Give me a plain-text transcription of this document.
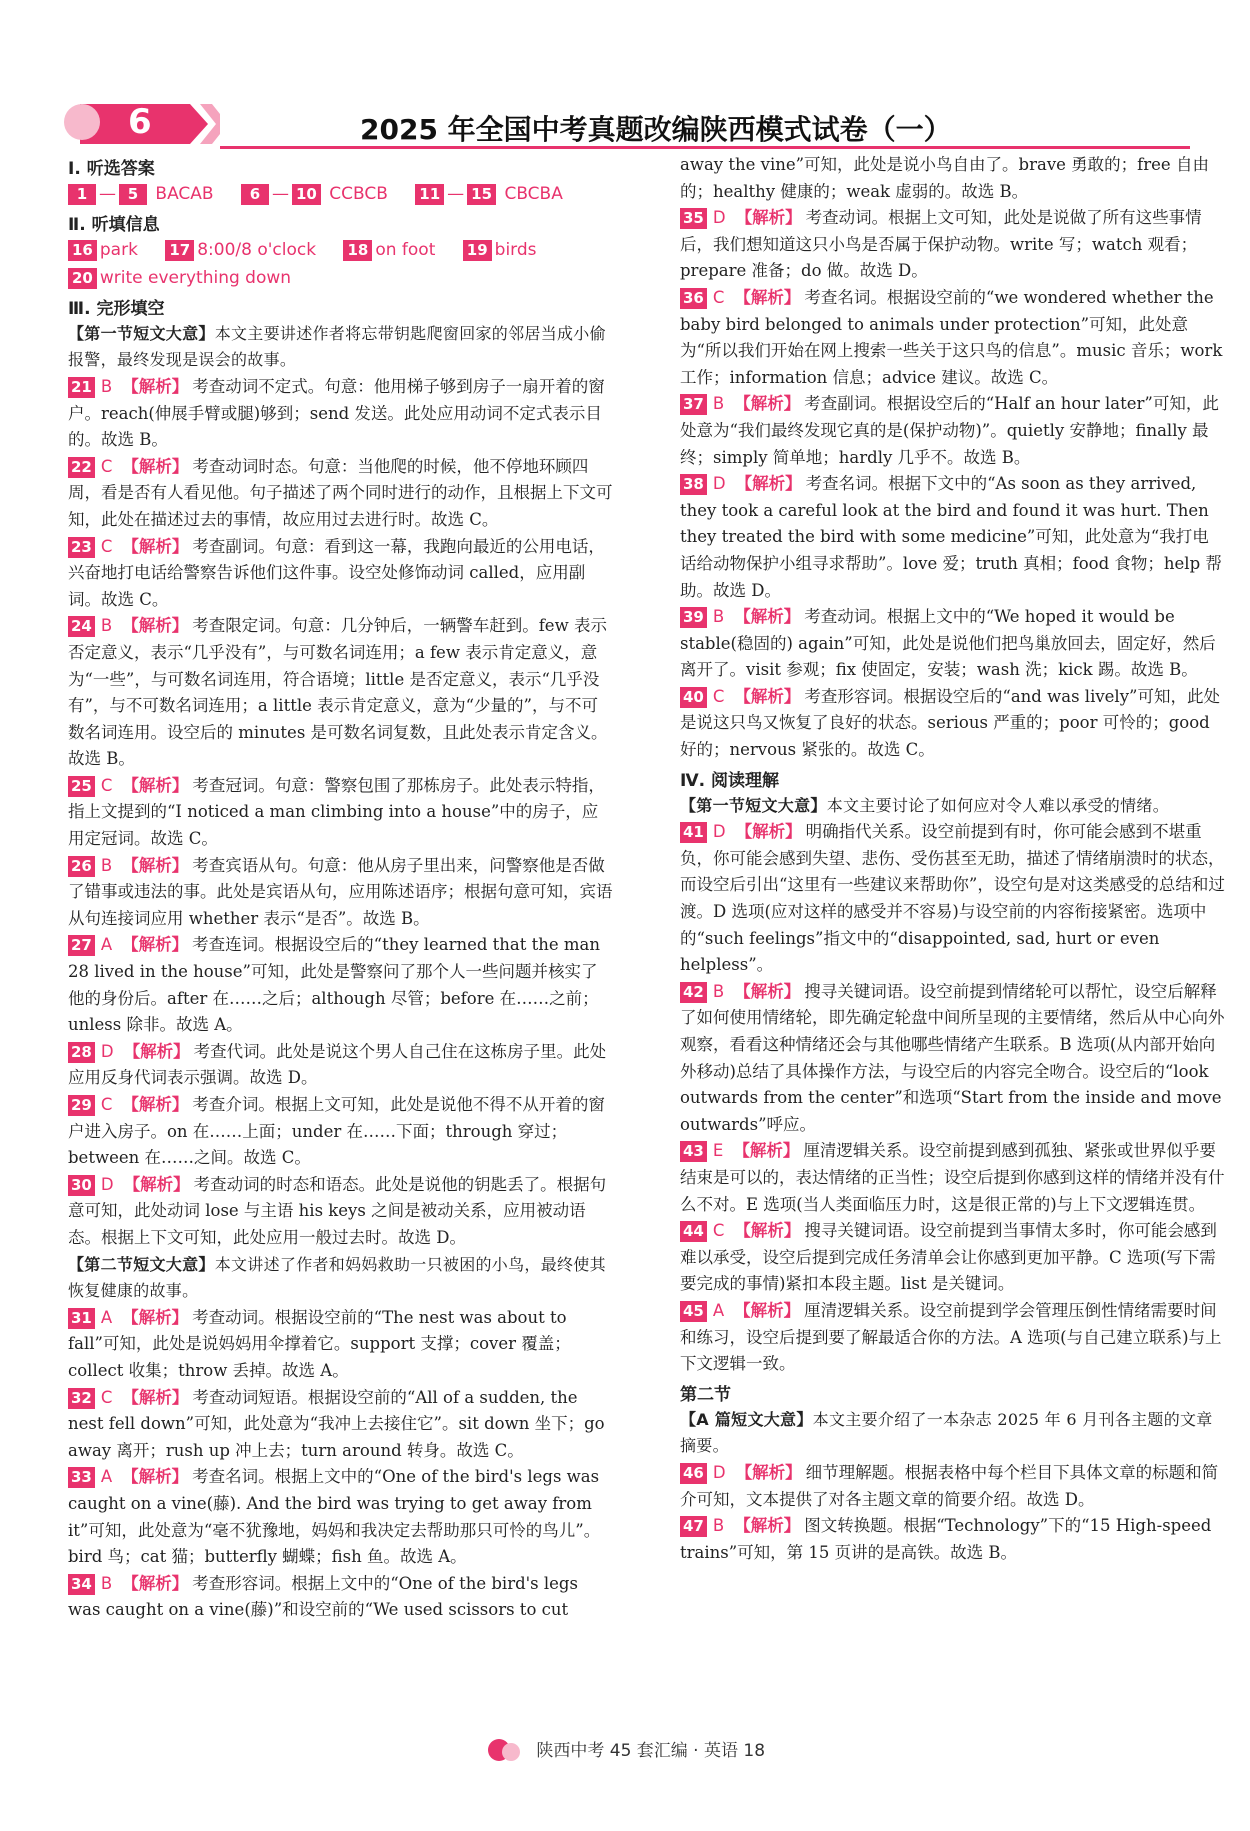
6	2025 年全国中考真题改编陕西模式试卷（一）
Ⅰ. 听选答案
1 — 5 BACAB 6 — 10 CCBCB 11 — 15 CBCBA
Ⅱ. 听填信息
16 park 17 8:00/8 o'clock 18 on foot 19 birds
20 write everything down
Ⅲ. 完形填空
【第一节短文大意】本文主要讲述作者将忘带钥匙爬窗回家的邻居当成小偷报警，最终发现是误会的故事。
21 B 【解析】 考查动词不定式。句意：他用梯子够到房子一扇开着的窗户。reach(伸展手臂或腿)够到；send 发送。此处应用动词不定式表示目的。故选 B。
22 C 【解析】 考查动词时态。句意：当他爬的时候，他不停地环顾四周，看是否有人看见他。句子描述了两个同时进行的动作，且根据上下文可知，此处在描述过去的事情，故应用过去进行时。故选 C。
23 C 【解析】 考查副词。句意：看到这一幕，我跑向最近的公用电话，兴奋地打电话给警察告诉他们这件事。设空处修饰动词 called，应用副词。故选 C。
24 B 【解析】 考查限定词。句意：几分钟后，一辆警车赶到。few 表示否定意义，表示“几乎没有”，与可数名词连用；a few 表示肯定意义，意为“一些”，与可数名词连用，符合语境；little 是否定意义，表示“几乎没有”，与不可数名词连用；a little 表示肯定意义，意为“少量的”，与不可数名词连用。设空后的 minutes 是可数名词复数，且此处表示肯定含义。故选 B。
25 C 【解析】 考查冠词。句意：警察包围了那栋房子。此处表示特指，指上文提到的“I noticed a man climbing into a house”中的房子，应用定冠词。故选 C。
26 B 【解析】 考查宾语从句。句意：他从房子里出来，问警察他是否做了错事或违法的事。此处是宾语从句，应用陈述语序；根据句意可知，宾语从句连接词应用 whether 表示“是否”。故选 B。
27 A 【解析】 考查连词。根据设空后的“they learned that the man 28 lived in the house”可知，此处是警察问了那个人一些问题并核实了他的身份后。after 在……之后；although 尽管；before 在……之前；unless 除非。故选 A。
28 D 【解析】 考查代词。此处是说这个男人自己住在这栋房子里。此处应用反身代词表示强调。故选 D。
29 C 【解析】 考查介词。根据上文可知，此处是说他不得不从开着的窗户进入房子。on 在……上面；under 在……下面；through 穿过；between 在……之间。故选 C。
30 D 【解析】 考查动词的时态和语态。此处是说他的钥匙丢了。根据句意可知，此处动词 lose 与主语 his keys 之间是被动关系，应用被动语态。根据上下文可知，此处应用一般过去时。故选 D。
【第二节短文大意】本文讲述了作者和妈妈救助一只被困的小鸟，最终使其恢复健康的故事。
31 A 【解析】 考查动词。根据设空前的“The nest was about to fall”可知，此处是说妈妈用伞撑着它。support 支撑；cover 覆盖；collect 收集；throw 丢掉。故选 A。
32 C 【解析】 考查动词短语。根据设空前的“All of a sudden, the nest fell down”可知，此处意为“我冲上去接住它”。sit down 坐下；go away 离开；rush up 冲上去；turn around 转身。故选 C。
33 A 【解析】 考查名词。根据上文中的“One of the bird's legs was caught on a vine(藤). And the bird was trying to get away from it”可知，此处意为“毫不犹豫地，妈妈和我决定去帮助那只可怜的鸟儿”。bird 鸟；cat 猫；butterfly 蝴蝶；fish 鱼。故选 A。
34 B 【解析】 考查形容词。根据上文中的“One of the bird's legs was caught on a vine(藤)”和设空前的“We used scissors to cut
away the vine”可知，此处是说小鸟自由了。brave 勇敢的；free 自由的；healthy 健康的；weak 虚弱的。故选 B。
35 D 【解析】 考查动词。根据上文可知，此处是说做了所有这些事情后，我们想知道这只小鸟是否属于保护动物。write 写；watch 观看；prepare 准备；do 做。故选 D。
36 C 【解析】 考查名词。根据设空前的“we wondered whether the baby bird belonged to animals under protection”可知，此处意为“所以我们开始在网上搜索一些关于这只鸟的信息”。music 音乐；work 工作；information 信息；advice 建议。故选 C。
37 B 【解析】 考查副词。根据设空后的“Half an hour later”可知，此处意为“我们最终发现它真的是(保护动物)”。quietly 安静地；finally 最终；simply 简单地；hardly 几乎不。故选 B。
38 D 【解析】 考查名词。根据下文中的“As soon as they arrived, they took a careful look at the bird and found it was hurt. Then they treated the bird with some medicine”可知，此处意为“我打电话给动物保护小组寻求帮助”。love 爱；truth 真相；food 食物；help 帮助。故选 D。
39 B 【解析】 考查动词。根据上文中的“We hoped it would be stable(稳固的) again”可知，此处是说他们把鸟巢放回去，固定好，然后离开了。visit 参观；fix 使固定，安装；wash 洗；kick 踢。故选 B。
40 C 【解析】 考查形容词。根据设空后的“and was lively”可知，此处是说这只鸟又恢复了良好的状态。serious 严重的；poor 可怜的；good 好的；nervous 紧张的。故选 C。
Ⅳ. 阅读理解
【第一节短文大意】本文主要讨论了如何应对令人难以承受的情绪。
41 D 【解析】 明确指代关系。设空前提到有时，你可能会感到不堪重负，你可能会感到失望、悲伤、受伤甚至无助，描述了情绪崩溃时的状态，而设空后引出“这里有一些建议来帮助你”，设空句是对这类感受的总结和过渡。D 选项(应对这样的感受并不容易)与设空前的内容衔接紧密。选项中的“such feelings”指文中的“disappointed, sad, hurt or even helpless”。
42 B 【解析】 搜寻关键词语。设空前提到情绪轮可以帮忙，设空后解释了如何使用情绪轮，即先确定轮盘中间所呈现的主要情绪，然后从中心向外观察，看看这种情绪还会与其他哪些情绪产生联系。B 选项(从内部开始向外移动)总结了具体操作方法，与设空后的内容完全吻合。设空后的“look outwards from the center”和选项“Start from the inside and move outwards”呼应。
43 E 【解析】 厘清逻辑关系。设空前提到感到孤独、紧张或世界似乎要结束是可以的，表达情绪的正当性；设空后提到你感到这样的情绪并没有什么不对。E 选项(当人类面临压力时，这是很正常的)与上下文逻辑连贯。
44 C 【解析】 搜寻关键词语。设空前提到当事情太多时，你可能会感到难以承受，设空后提到完成任务清单会让你感到更加平静。C 选项(写下需要完成的事情)紧扣本段主题。list 是关键词。
45 A 【解析】 厘清逻辑关系。设空前提到学会管理压倒性情绪需要时间和练习，设空后提到要了解最适合你的方法。A 选项(与自己建立联系)与上下文逻辑一致。
第二节
【A 篇短文大意】本文主要介绍了一本杂志 2025 年 6 月刊各主题的文章摘要。
46 D 【解析】 细节理解题。根据表格中每个栏目下具体文章的标题和简介可知，文本提供了对各主题文章的简要介绍。故选 D。
47 B 【解析】 图文转换题。根据“Technology”下的“15 High-speed trains”可知，第 15 页讲的是高铁。故选 B。
陕西中考 45 套汇编 · 英语 18
